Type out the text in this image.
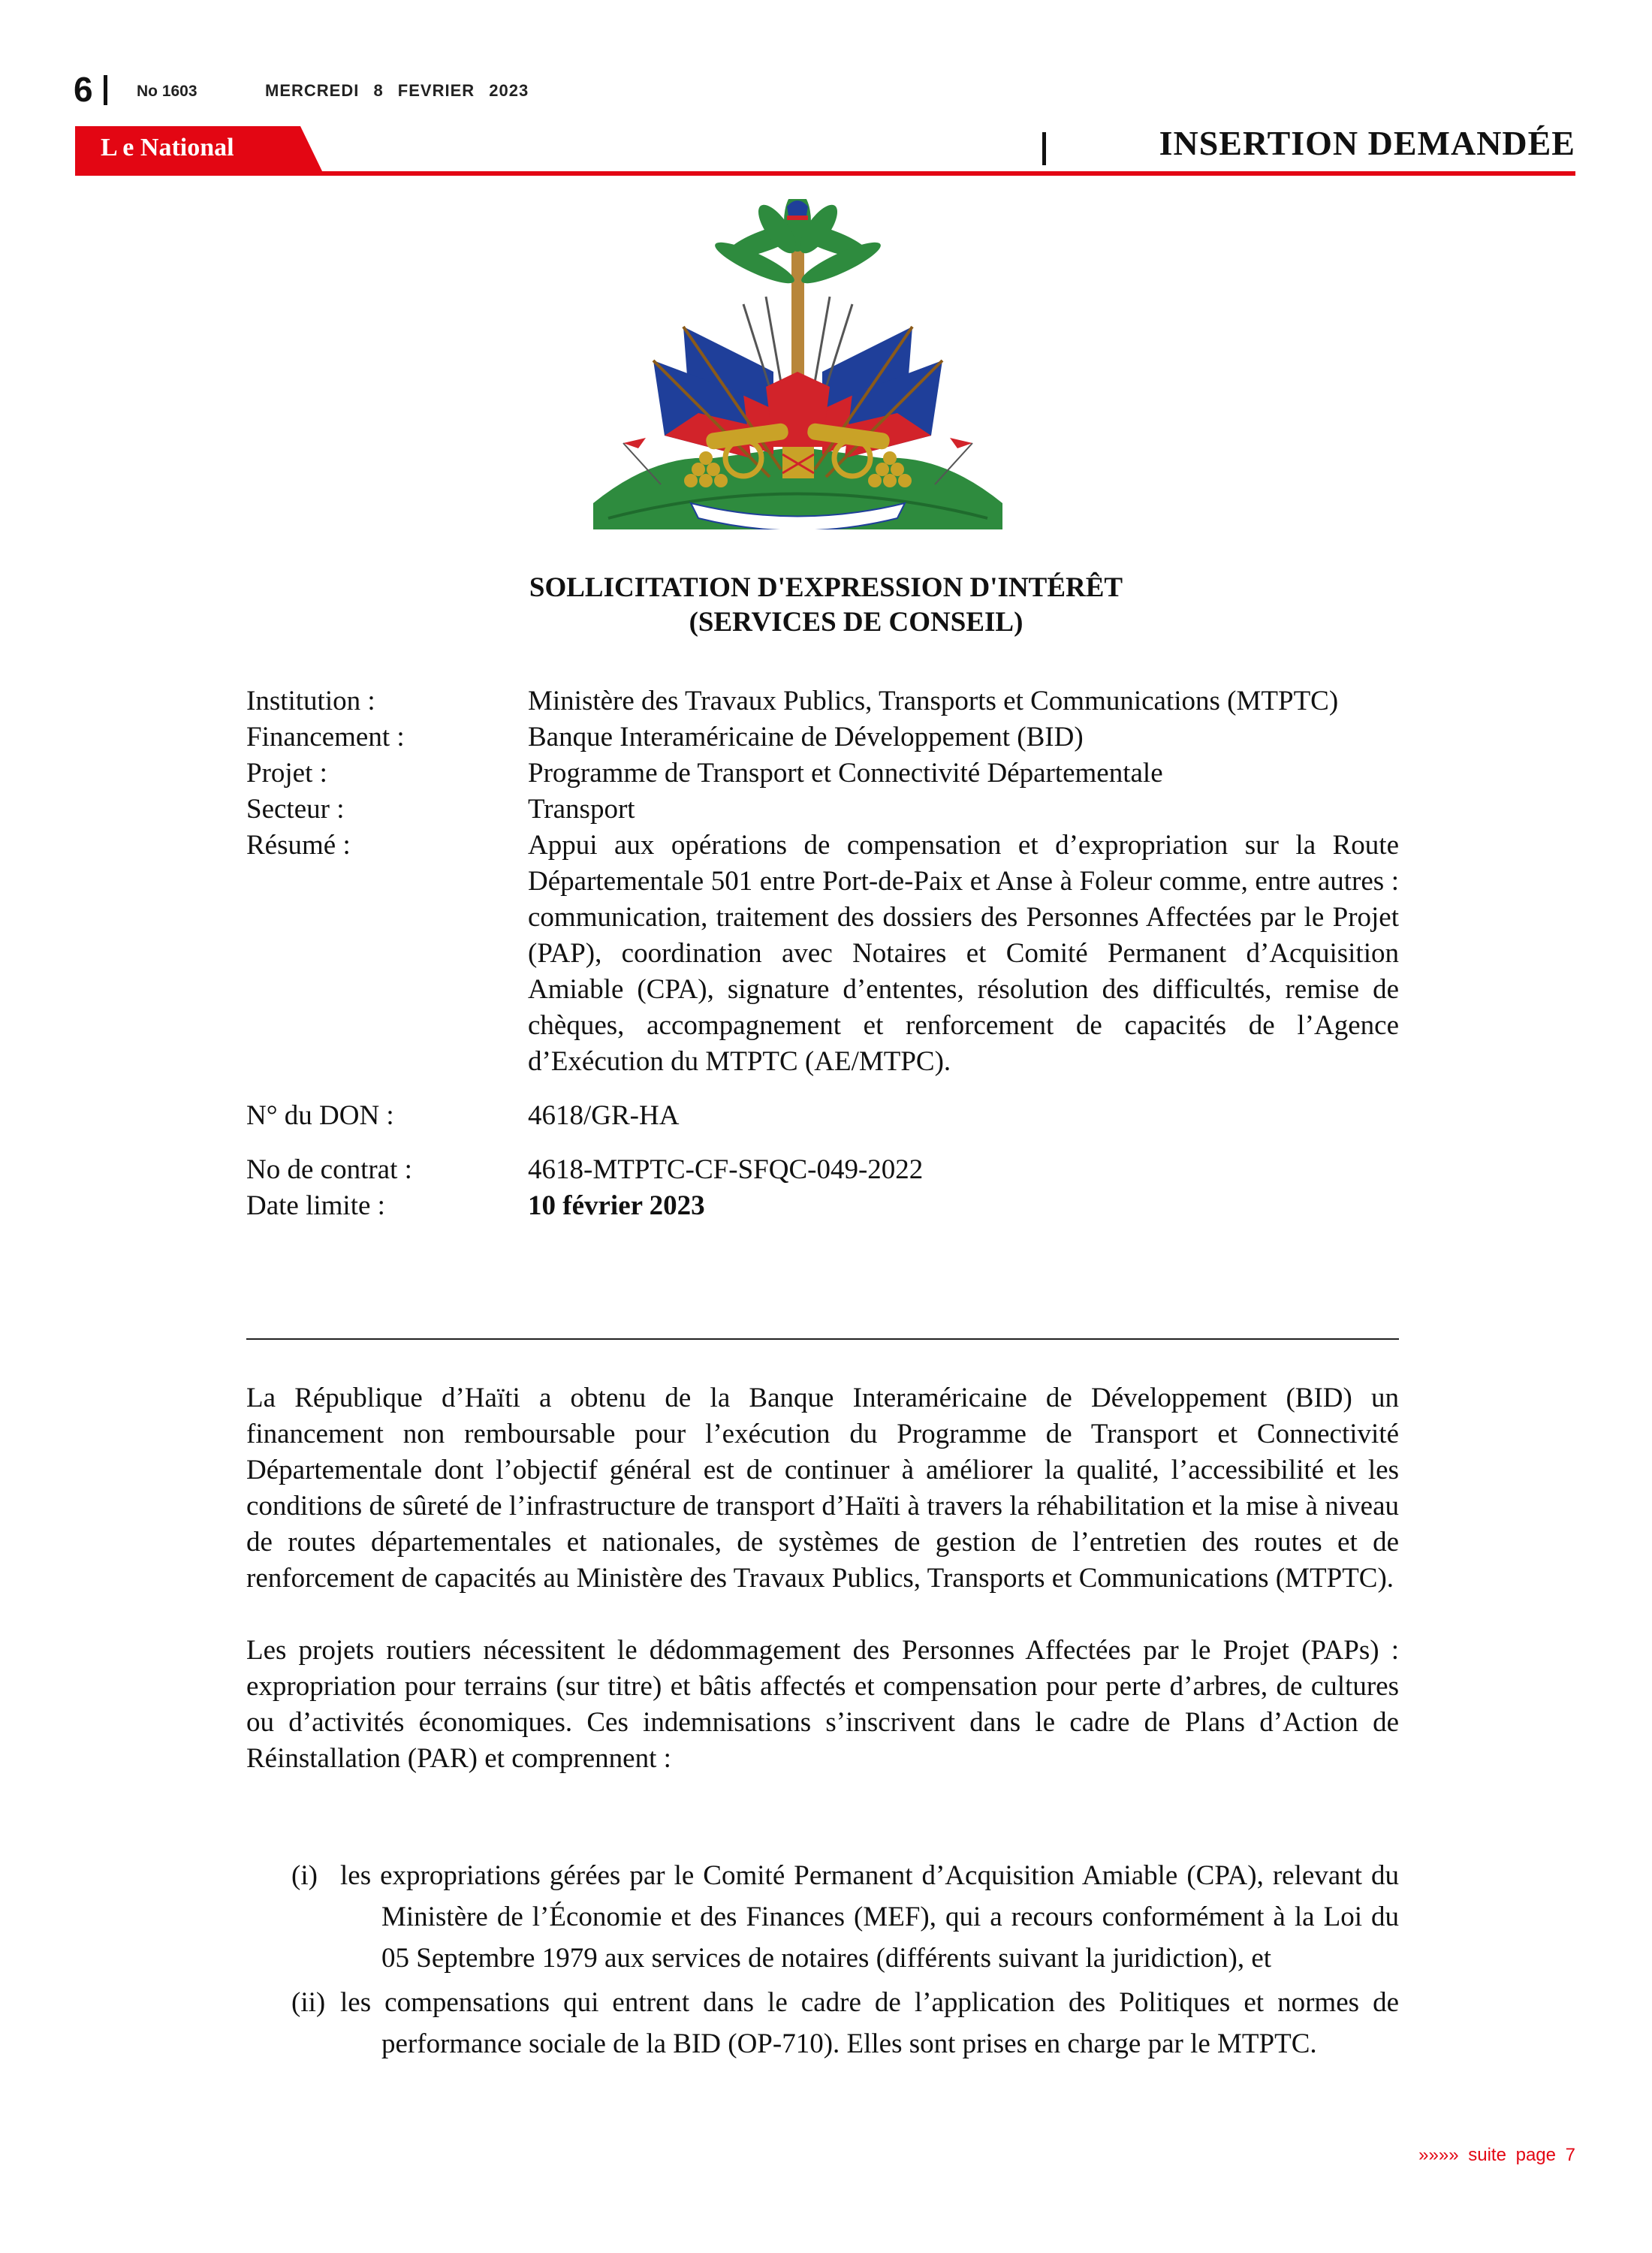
6	No 1603	MERCREDI 8 FEVRIER 2023
L e National	INSERTION DEMANDÉE
SOLLICITATION D'EXPRESSION D'INTÉRÊT
(SERVICES DE CONSEIL)
Institution :	Ministère des Travaux Publics, Transports et Communications (MTPTC)
Financement :	Banque Interaméricaine de Développement (BID)
Projet :	Programme de Transport et Connectivité Départementale
Secteur :	Transport
Résumé :	Appui aux opérations de compensation et d’expropriation sur la Route Départementale 501 entre Port-de-Paix et Anse à Foleur comme, entre autres : communication, traitement des dossiers des Personnes Affectées par le Projet (PAP), coordination avec Notaires et Comité Permanent d’Acquisition Amiable (CPA), signature d’ententes, résolution des difficultés, remise de chèques, accompagnement et renforcement de capacités de l’Agence d’Exécution du MTPTC (AE/MTPC).
N° du DON :	4618/GR-HA
No de contrat :	4618-MTPTC-CF-SFQC-049-2022
Date limite :	10 février 2023

La République d’Haïti a obtenu de la Banque Interaméricaine de Développement (BID) un financement non remboursable pour l’exécution du Programme de Transport et Connectivité Départementale dont l’objectif général est de continuer à améliorer la qualité, l’accessibilité et les conditions de sûreté de l’infrastructure de transport d’Haïti à travers la réhabilitation et la mise à niveau de routes départementales et nationales, de systèmes de gestion de l’entretien des routes et de renforcement de capacités au Ministère des Travaux Publics, Transports et Communications (MTPTC).

Les projets routiers nécessitent le dédommagement des Personnes Affectées par le Projet (PAPs) : expropriation pour terrains (sur titre) et bâtis affectés et compensation pour perte d’arbres, de cultures ou d’activités économiques. Ces indemnisations s’inscrivent dans le cadre de Plans d’Action de Réinstallation (PAR) et comprennent :

(i) les expropriations gérées par le Comité Permanent d’Acquisition Amiable (CPA), relevant du Ministère de l’Économie et des Finances (MEF), qui a recours conformément à la Loi du 05 Septembre 1979 aux services de notaires (différents suivant la juridiction), et
(ii) les compensations qui entrent dans le cadre de l’application des Politiques et normes de performance sociale de la BID (OP-710). Elles sont prises en charge par le MTPTC.
»»»» suite page 7
